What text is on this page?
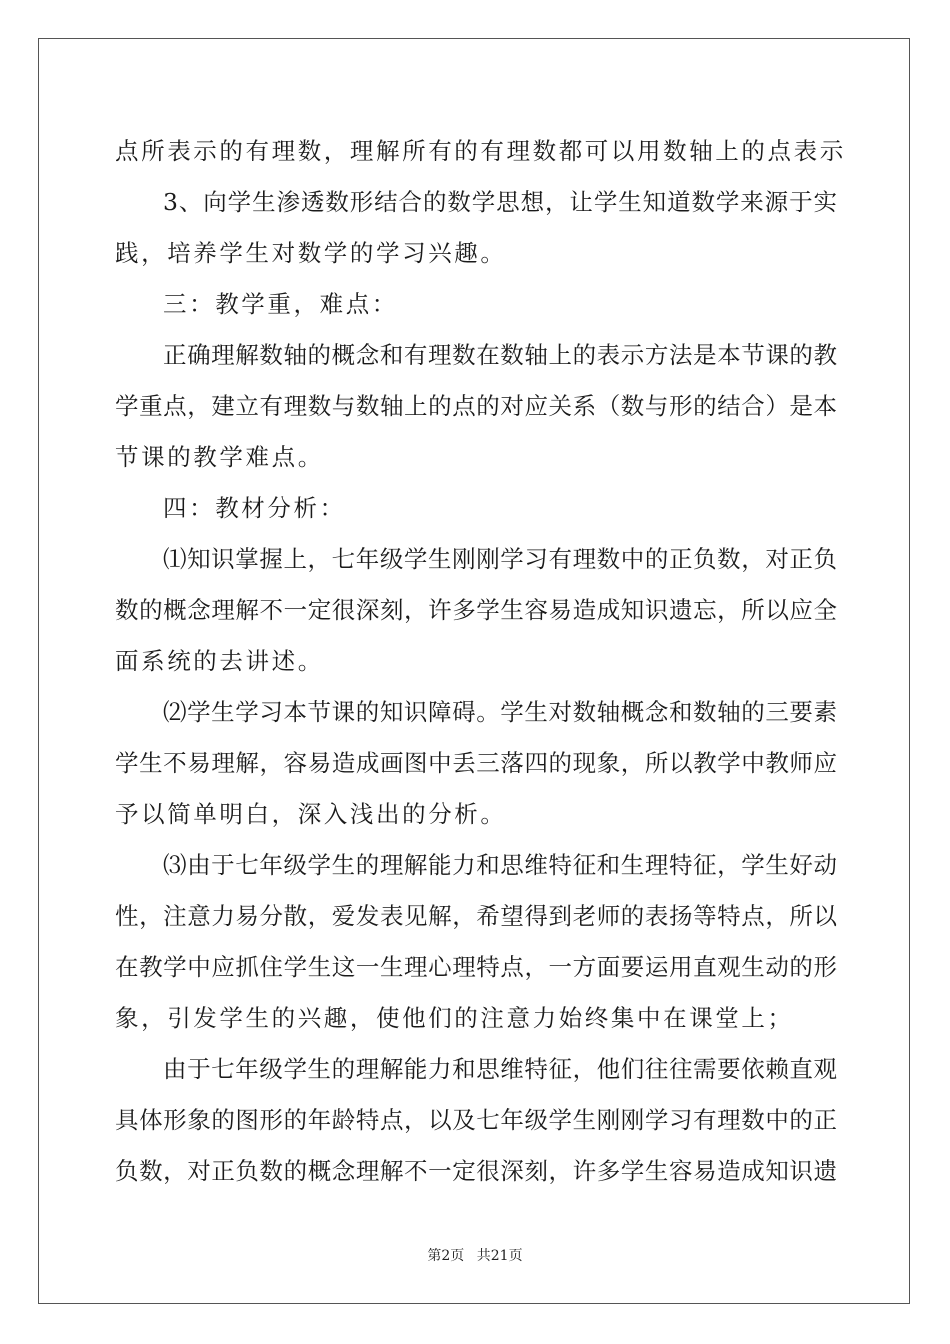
点所表示的有理数，理解所有的有理数都可以用数轴上的点表示
3、向学生渗透数形结合的数学思想，让学生知道数学来源于实
践，培养学生对数学的学习兴趣。
三：教学重，难点：
正确理解数轴的概念和有理数在数轴上的表示方法是本节课的教
学重点，建立有理数与数轴上的点的对应关系（数与形的结合）是本
节课的教学难点。
四：教材分析：
⑴知识掌握上，七年级学生刚刚学习有理数中的正负数，对正负
数的概念理解不一定很深刻，许多学生容易造成知识遗忘，所以应全
面系统的去讲述。
⑵学生学习本节课的知识障碍。学生对数轴概念和数轴的三要素
学生不易理解，容易造成画图中丢三落四的现象，所以教学中教师应
予以简单明白，深入浅出的分析。
⑶由于七年级学生的理解能力和思维特征和生理特征，学生好动
性，注意力易分散，爱发表见解，希望得到老师的表扬等特点，所以
在教学中应抓住学生这一生理心理特点，一方面要运用直观生动的形
象，引发学生的兴趣，使他们的注意力始终集中在课堂上；
由于七年级学生的理解能力和思维特征，他们往往需要依赖直观
具体形象的图形的年龄特点，以及七年级学生刚刚学习有理数中的正
负数，对正负数的概念理解不一定很深刻，许多学生容易造成知识遗
第2页 共21页
